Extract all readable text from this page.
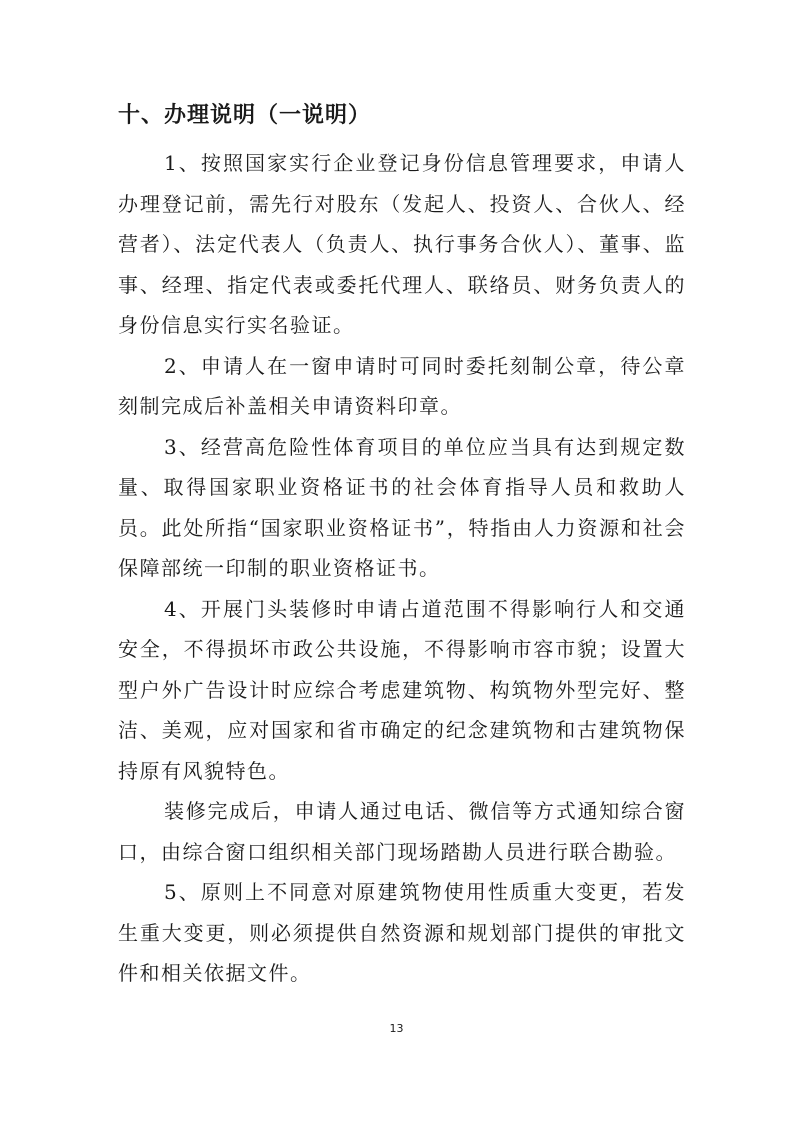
十、办理说明（一说明）

1、按照国家实行企业登记身份信息管理要求，申请人办理登记前，需先行对股东（发起人、投资人、合伙人、经营者）、法定代表人（负责人、执行事务合伙人）、董事、监事、经理、指定代表或委托代理人、联络员、财务负责人的身份信息实行实名验证。

2、申请人在一窗申请时可同时委托刻制公章，待公章刻制完成后补盖相关申请资料印章。

3、经营高危险性体育项目的单位应当具有达到规定数量、取得国家职业资格证书的社会体育指导人员和救助人员。此处所指“国家职业资格证书”，特指由人力资源和社会保障部统一印制的职业资格证书。

4、开展门头装修时申请占道范围不得影响行人和交通安全，不得损坏市政公共设施，不得影响市容市貌；设置大型户外广告设计时应综合考虑建筑物、构筑物外型完好、整洁、美观，应对国家和省市确定的纪念建筑物和古建筑物保持原有风貌特色。

装修完成后，申请人通过电话、微信等方式通知综合窗口，由综合窗口组织相关部门现场踏勘人员进行联合勘验。

5、原则上不同意对原建筑物使用性质重大变更，若发生重大变更，则必须提供自然资源和规划部门提供的审批文件和相关依据文件。

13
